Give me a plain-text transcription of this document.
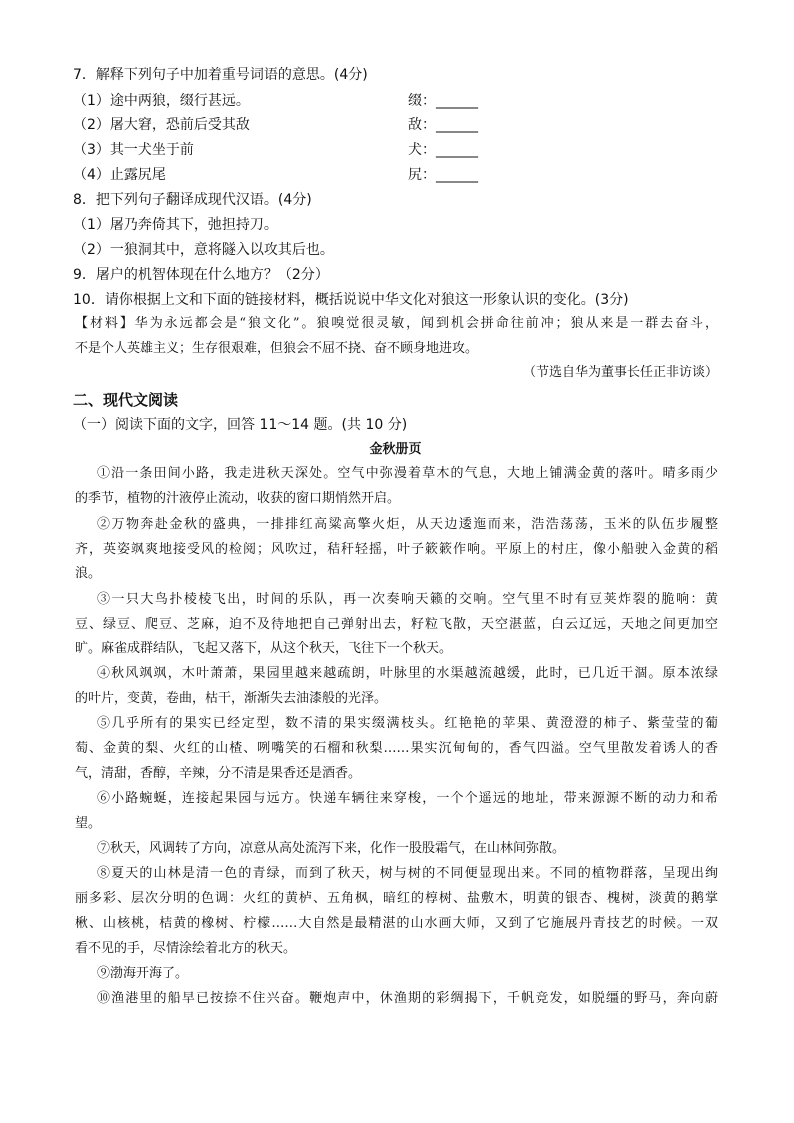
7．解释下列句子中加着重号词语的意思。(4分)
（1）途中两狼，缀行甚远。	缀：______
（2）屠大窘，恐前后受其敌	敌：______
（3）其一犬坐于前	犬：______
（4）止露尻尾	尻：______
8．把下列句子翻译成现代汉语。(4分)
（1）屠乃奔倚其下，弛担持刀。
（2）一狼洞其中，意将隧入以攻其后也。
9．屠户的机智体现在什么地方？（2分）
10．请你根据上文和下面的链接材料，概括说说中华文化对狼这一形象认识的变化。(3分)
【材料】华为永远都会是“狼文化”。狼嗅觉很灵敏，闻到机会拼命往前冲；狼从来是一群去奋斗，
不是个人英雄主义；生存很艰难，但狼会不屈不挠、奋不顾身地进攻。
（节选自华为董事长任正非访谈）
二、现代文阅读
（一）阅读下面的文字，回答 11～14 题。(共 10 分)
金秋册页
①沿一条田间小路，我走进秋天深处。空气中弥漫着草木的气息，大地上铺满金黄的落叶。晴多雨少
的季节，植物的汁液停止流动，收获的窗口期悄然开启。
②万物奔赴金秋的盛典，一排排红高粱高擎火炬，从天边逶迤而来，浩浩荡荡，玉米的队伍步履整
齐，英姿飒爽地接受风的检阅；风吹过，秸秆轻摇，叶子簌簌作响。平原上的村庄，像小船驶入金黄的稻
浪。
③一只大鸟扑棱棱飞出，时间的乐队，再一次奏响天籁的交响。空气里不时有豆荚炸裂的脆响：黄
豆、绿豆、爬豆、芝麻，迫不及待地把自己弹射出去，籽粒飞散，天空湛蓝，白云辽远，天地之间更加空
旷。麻雀成群结队，飞起又落下，从这个秋天，飞往下一个秋天。
④秋风飒飒，木叶萧萧，果园里越来越疏朗，叶脉里的水渠越流越缓，此时，已几近干涸。原本浓绿
的叶片，变黄，卷曲，枯干，渐渐失去油漆般的光泽。
⑤几乎所有的果实已经定型，数不清的果实缀满枝头。红艳艳的苹果、黄澄澄的柿子、紫莹莹的葡
萄、金黄的梨、火红的山楂、咧嘴笑的石榴和秋梨……果实沉甸甸的，香气四溢。空气里散发着诱人的香
气，清甜，香醇，辛辣，分不清是果香还是酒香。
⑥小路蜿蜒，连接起果园与远方。快递车辆往来穿梭，一个个遥远的地址，带来源源不断的动力和希
望。
⑦秋天，风调转了方向，凉意从高处流泻下来，化作一股股霜气，在山林间弥散。
⑧夏天的山林是清一色的青绿，而到了秋天，树与树的不同便显现出来。不同的植物群落，呈现出绚
丽多彩、层次分明的色调：火红的黄栌、五角枫，暗红的椁树、盐敷木，明黄的银杏、槐树，淡黄的鹅掌
楸、山核桃，桔黄的橡树、柠檬……大自然是最精湛的山水画大师，又到了它施展丹青技艺的时候。一双
看不见的手，尽情涂绘着北方的秋天。
⑨渤海开海了。
⑩渔港里的船早已按捺不住兴奋。鞭炮声中，休渔期的彩绸揭下，千帆竞发，如脱缰的野马，奔向蔚
